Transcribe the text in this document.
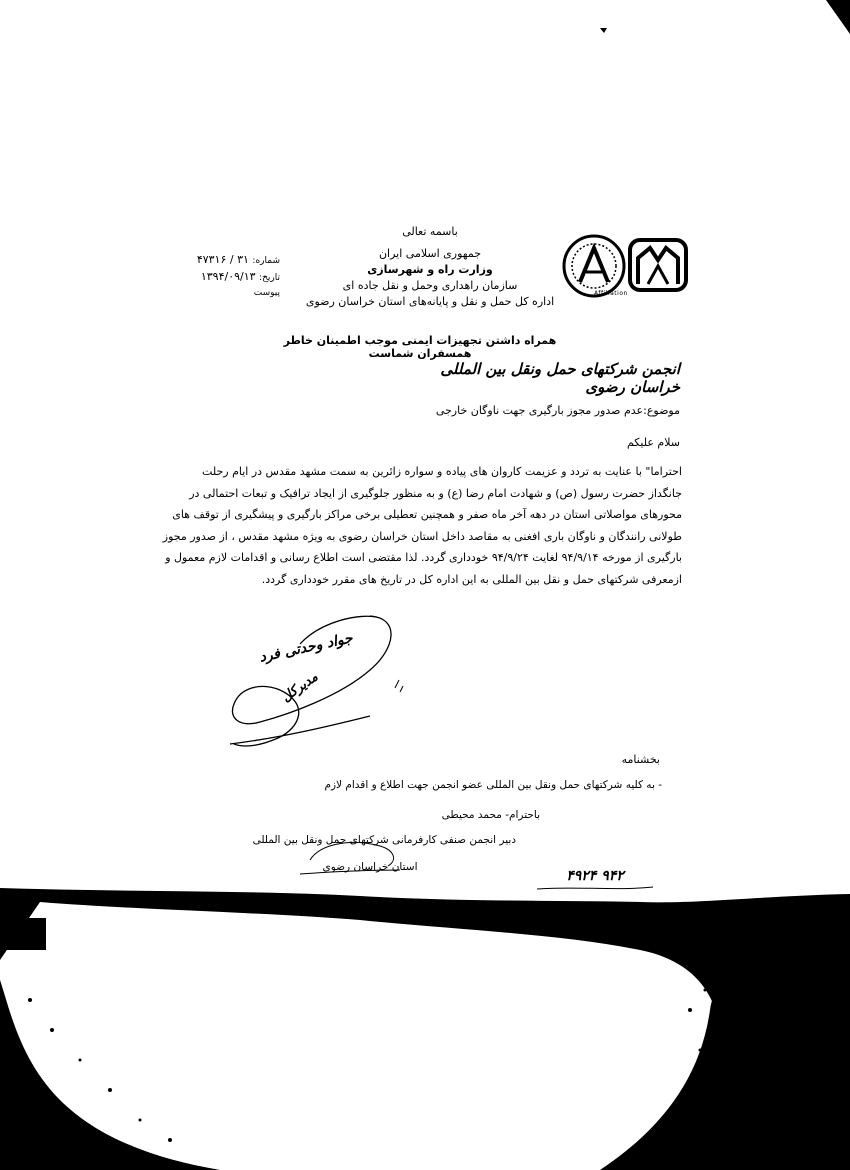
Affiliation
باسمه تعالی
جمهوری اسلامی ایران
وزارت راه و شهرسازی
سازمان راهداری وحمل و نقل جاده ای
اداره کل حمل و نقل و پایانه‌های استان خراسان رضوی
شماره: ۳۱ / ۴۷۳۱۶
تاریخ: ۱۳۹۴/۰۹/۱۳
پیوست
همراه داشتن تجهیزات ایمنی موجب اطمینان خاطر همسفران شماست
انجمن شرکتهای حمل ونقل بین المللی خراسان رضوی
موضوع:عدم صدور مجوز بارگیری جهت ناوگان خارجی
سلام علیکم
احتراما" با عنایت به تردد و عزیمت کاروان های پیاده و سواره زائرین به سمت مشهد مقدس در ایام رحلت
جانگداز حضرت رسول (ص) و شهادت امام رضا (ع) و به منظور جلوگیری از ایجاد ترافیک و تبعات احتمالی در
محورهای مواصلاتی استان در دهه آخر ماه صفر و همچنین تعطیلی برخی مراکز بارگیری و پیشگیری از توقف های
طولانی رانندگان و ناوگان باری افغنی به مقاصد داخل استان خراسان رضوی به ویژه مشهد مقدس ، از صدور مجوز
بارگیری از مورخه ۹۴/۹/۱۴ لغایت ۹۴/۹/۲۴ خودداری گردد. لذا مقتضی است اطلاع رسانی و اقدامات لازم معمول و
ازمعرفی شرکتهای حمل و نقل بین المللی به این اداره کل در تاریخ های مقرر خودداری گردد.
جواد وحدتی فرد
مدیرکل
بخشنامه
- به کلیه شرکتهای حمل ونقل بین المللی عضو انجمن جهت اطلاع و اقدام لازم
باحترام- محمد محیطی
دبیر انجمن صنفی کارفرمانی شرکتهای حمل ونقل بین المللی
استان خراسان رضوی
۹۴۲ ۴۹۲۴
۹۴ / ۹ / ۱۴
